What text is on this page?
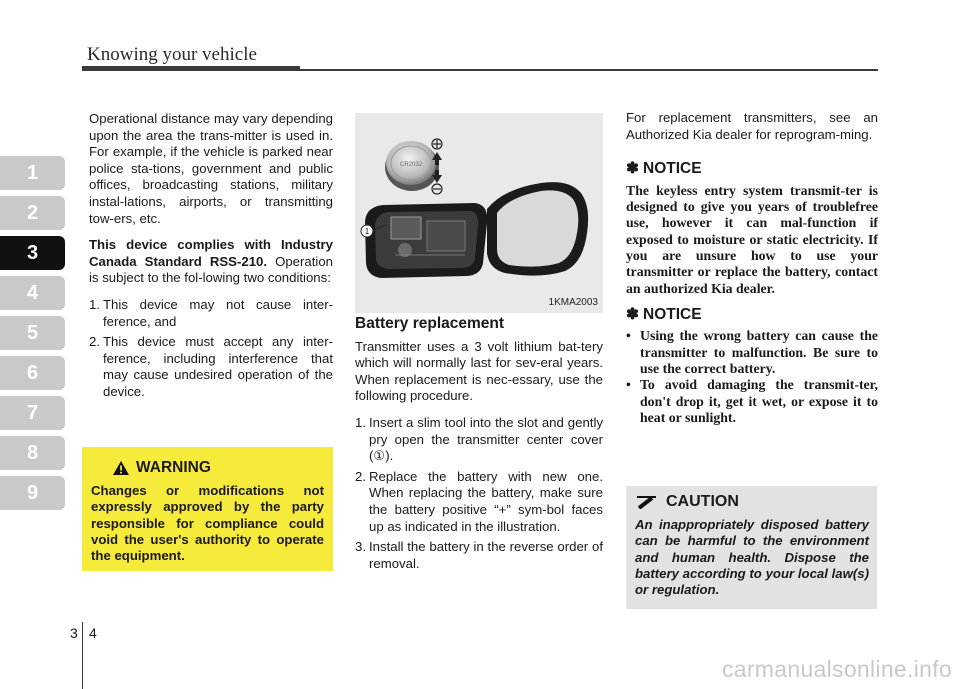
Knowing your vehicle
1
2
3
4
5
6
7
8
9

Operational distance may vary depending upon the area the trans-mitter is used in. For example, if the vehicle is parked near police sta-tions, government and public offices, broadcasting stations, military instal-lations, airports, or transmitting tow-ers, etc.

This device complies with Industry Canada Standard RSS-210. Operation is subject to the fol-lowing two conditions:

1. This device may not cause inter-ference, and
2. This device must accept any inter-ference, including interference that may cause undesired operation of the device.
WARNING
Changes or modifications not expressly approved by the party responsible for compliance could void the user's authority to operate the equipment.
CR2032
1
1KMA2003
Battery replacement

Transmitter uses a 3 volt lithium bat-tery which will normally last for sev-eral years. When replacement is nec-essary, use the following procedure.

1. Insert a slim tool into the slot and gently pry open the transmitter center cover (①).
2. Replace the battery with new one. When replacing the battery, make sure the battery positive “+” sym-bol faces up as indicated in the illustration.
3. Install the battery in the reverse order of removal.

For replacement transmitters, see an Authorized Kia dealer for reprogram-ming.

✽ NOTICE

The keyless entry system transmit-ter is designed to give you years of troublefree use, however it can mal-function if exposed to moisture or static electricity. If you are unsure how to use your transmitter or replace the battery, contact an authorized Kia dealer.

✽ NOTICE
• Using the wrong battery can cause the transmitter to malfunction. Be sure to use the correct battery.
• To avoid damaging the transmit-ter, don't drop it, get it wet, or expose it to heat or sunlight.
CAUTION
An inappropriately disposed battery can be harmful to the environment and human health. Dispose the battery according to your local law(s) or regulation.
3 4
carmanualsonline.info
